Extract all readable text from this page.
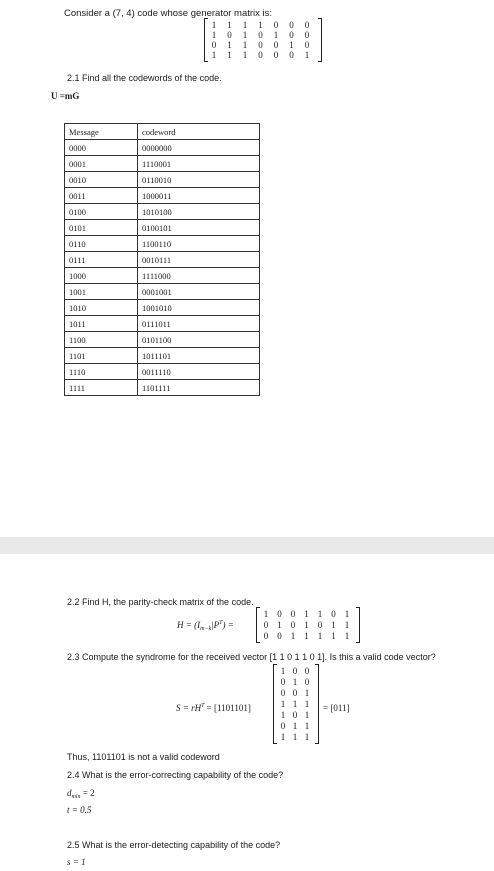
Consider a (7, 4) code whose generator matrix is:
1	1	1	1	0	0	0
1	0	1	0	1	0	0
0	1	1	0	0	1	0
1	1	1	0	0	0	1
2.1 Find all the codewords of the code.
U =mG
Message	codeword
0000	0000000
0001	1110001
0010	0110010
0011	1000011
0100	1010100
0101	0100101
0110	1100110
0111	0010111
1000	1111000
1001	0001001
1010	1001010
1011	0111011
1100	0101100
1101	1011101
1110	0011110
1111	1101111
2.2 Find H, the parity-check matrix of the code.
$H = (I_{m-k}|P^T)$ =
1	0	0	1	1	0	1
0	1	0	1	0	1	1
0	0	1	1	1	1	1
2.3 Compute the syndrome for the received vector [1 1 0 1 1 0 1]. Is this a valid code vector?
$S = rH^T = [1101101]$
1 0 0
0 1 0
0 0 1
1 1 1
1 0 1
0 1 1
1 1 1
= [011]
Thus, 1101101 is not a valid codeword
2.4 What is the error-correcting capability of the code?
$d_{min} = 2$
t = 0.5
2.5 What is the error-detecting capability of the code?
s = 1
